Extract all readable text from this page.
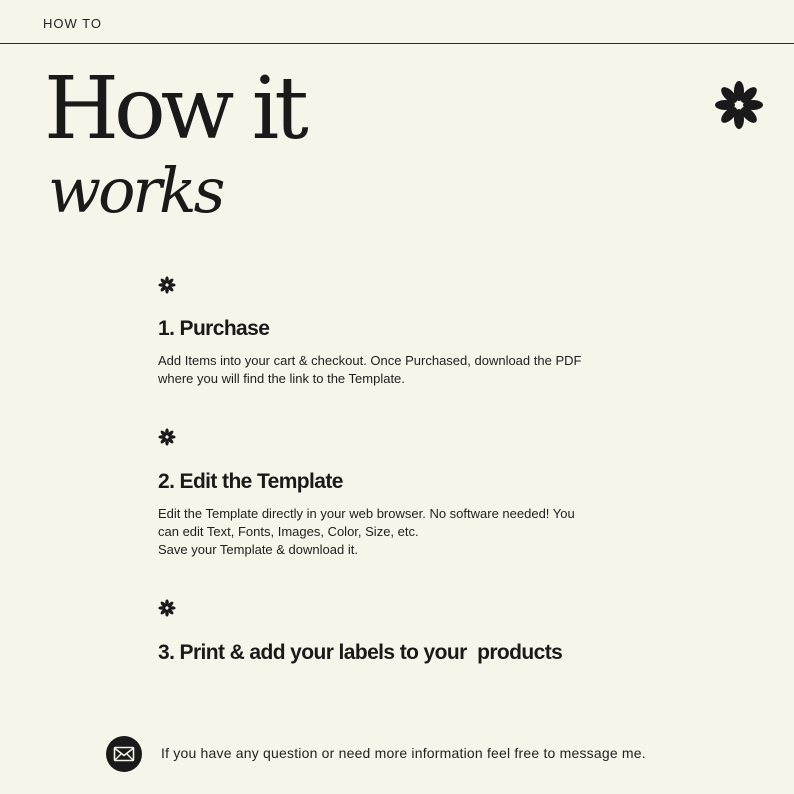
HOW TO
How it
works
1. Purchase
Add Items into your cart & checkout. Once Purchased, download the PDF
where you will find the link to the Template.
2. Edit the Template
Edit the Template directly in your web browser. No software needed! You
can edit Text, Fonts, Images, Color, Size, etc.
Save your Template & download it.
3. Print & add your labels to your  products
If you have any question or need more information feel free to message me.
